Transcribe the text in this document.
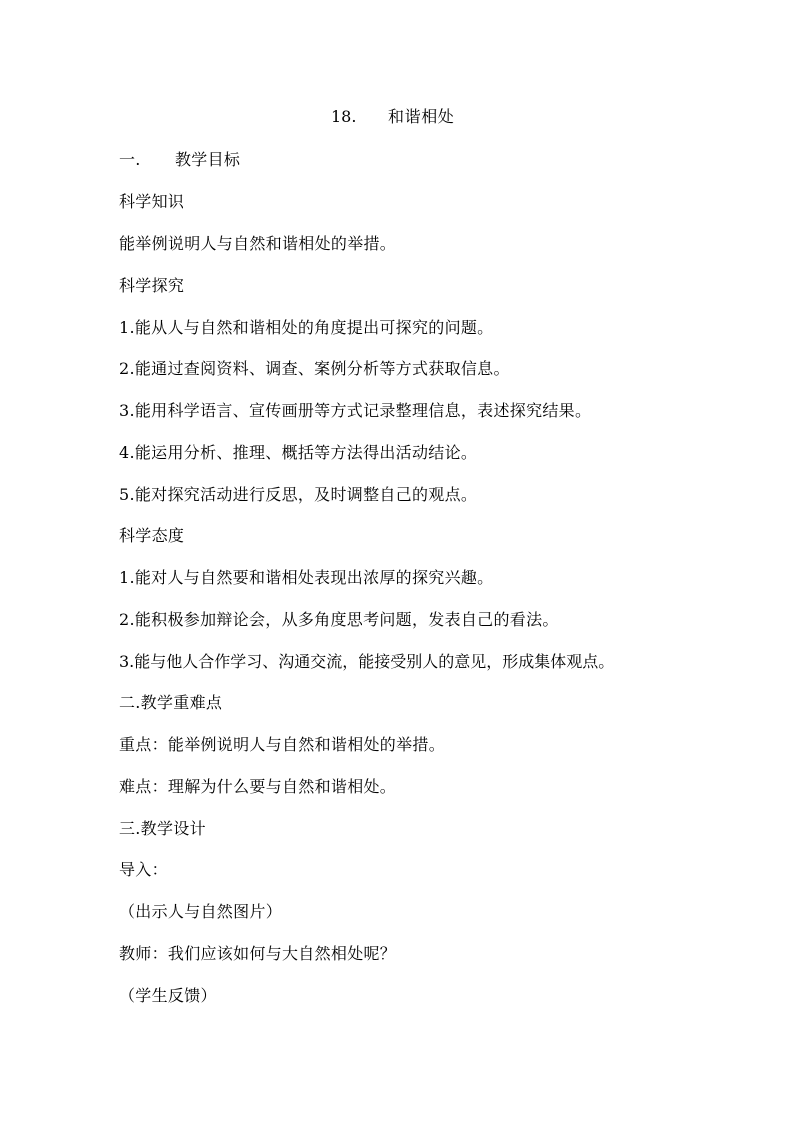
18. 和谐相处
一. 教学目标
科学知识
能举例说明人与自然和谐相处的举措。
科学探究
1.能从人与自然和谐相处的角度提出可探究的问题。
2.能通过查阅资料、调查、案例分析等方式获取信息。
3.能用科学语言、宣传画册等方式记录整理信息，表述探究结果。
4.能运用分析、推理、概括等方法得出活动结论。
5.能对探究活动进行反思，及时调整自己的观点。
科学态度
1.能对人与自然要和谐相处表现出浓厚的探究兴趣。
2.能积极参加辩论会，从多角度思考问题，发表自己的看法。
3.能与他人合作学习、沟通交流，能接受别人的意见，形成集体观点。
二.教学重难点
重点：能举例说明人与自然和谐相处的举措。
难点：理解为什么要与自然和谐相处。
三.教学设计
导入：
（出示人与自然图片）
教师：我们应该如何与大自然相处呢？
（学生反馈）
